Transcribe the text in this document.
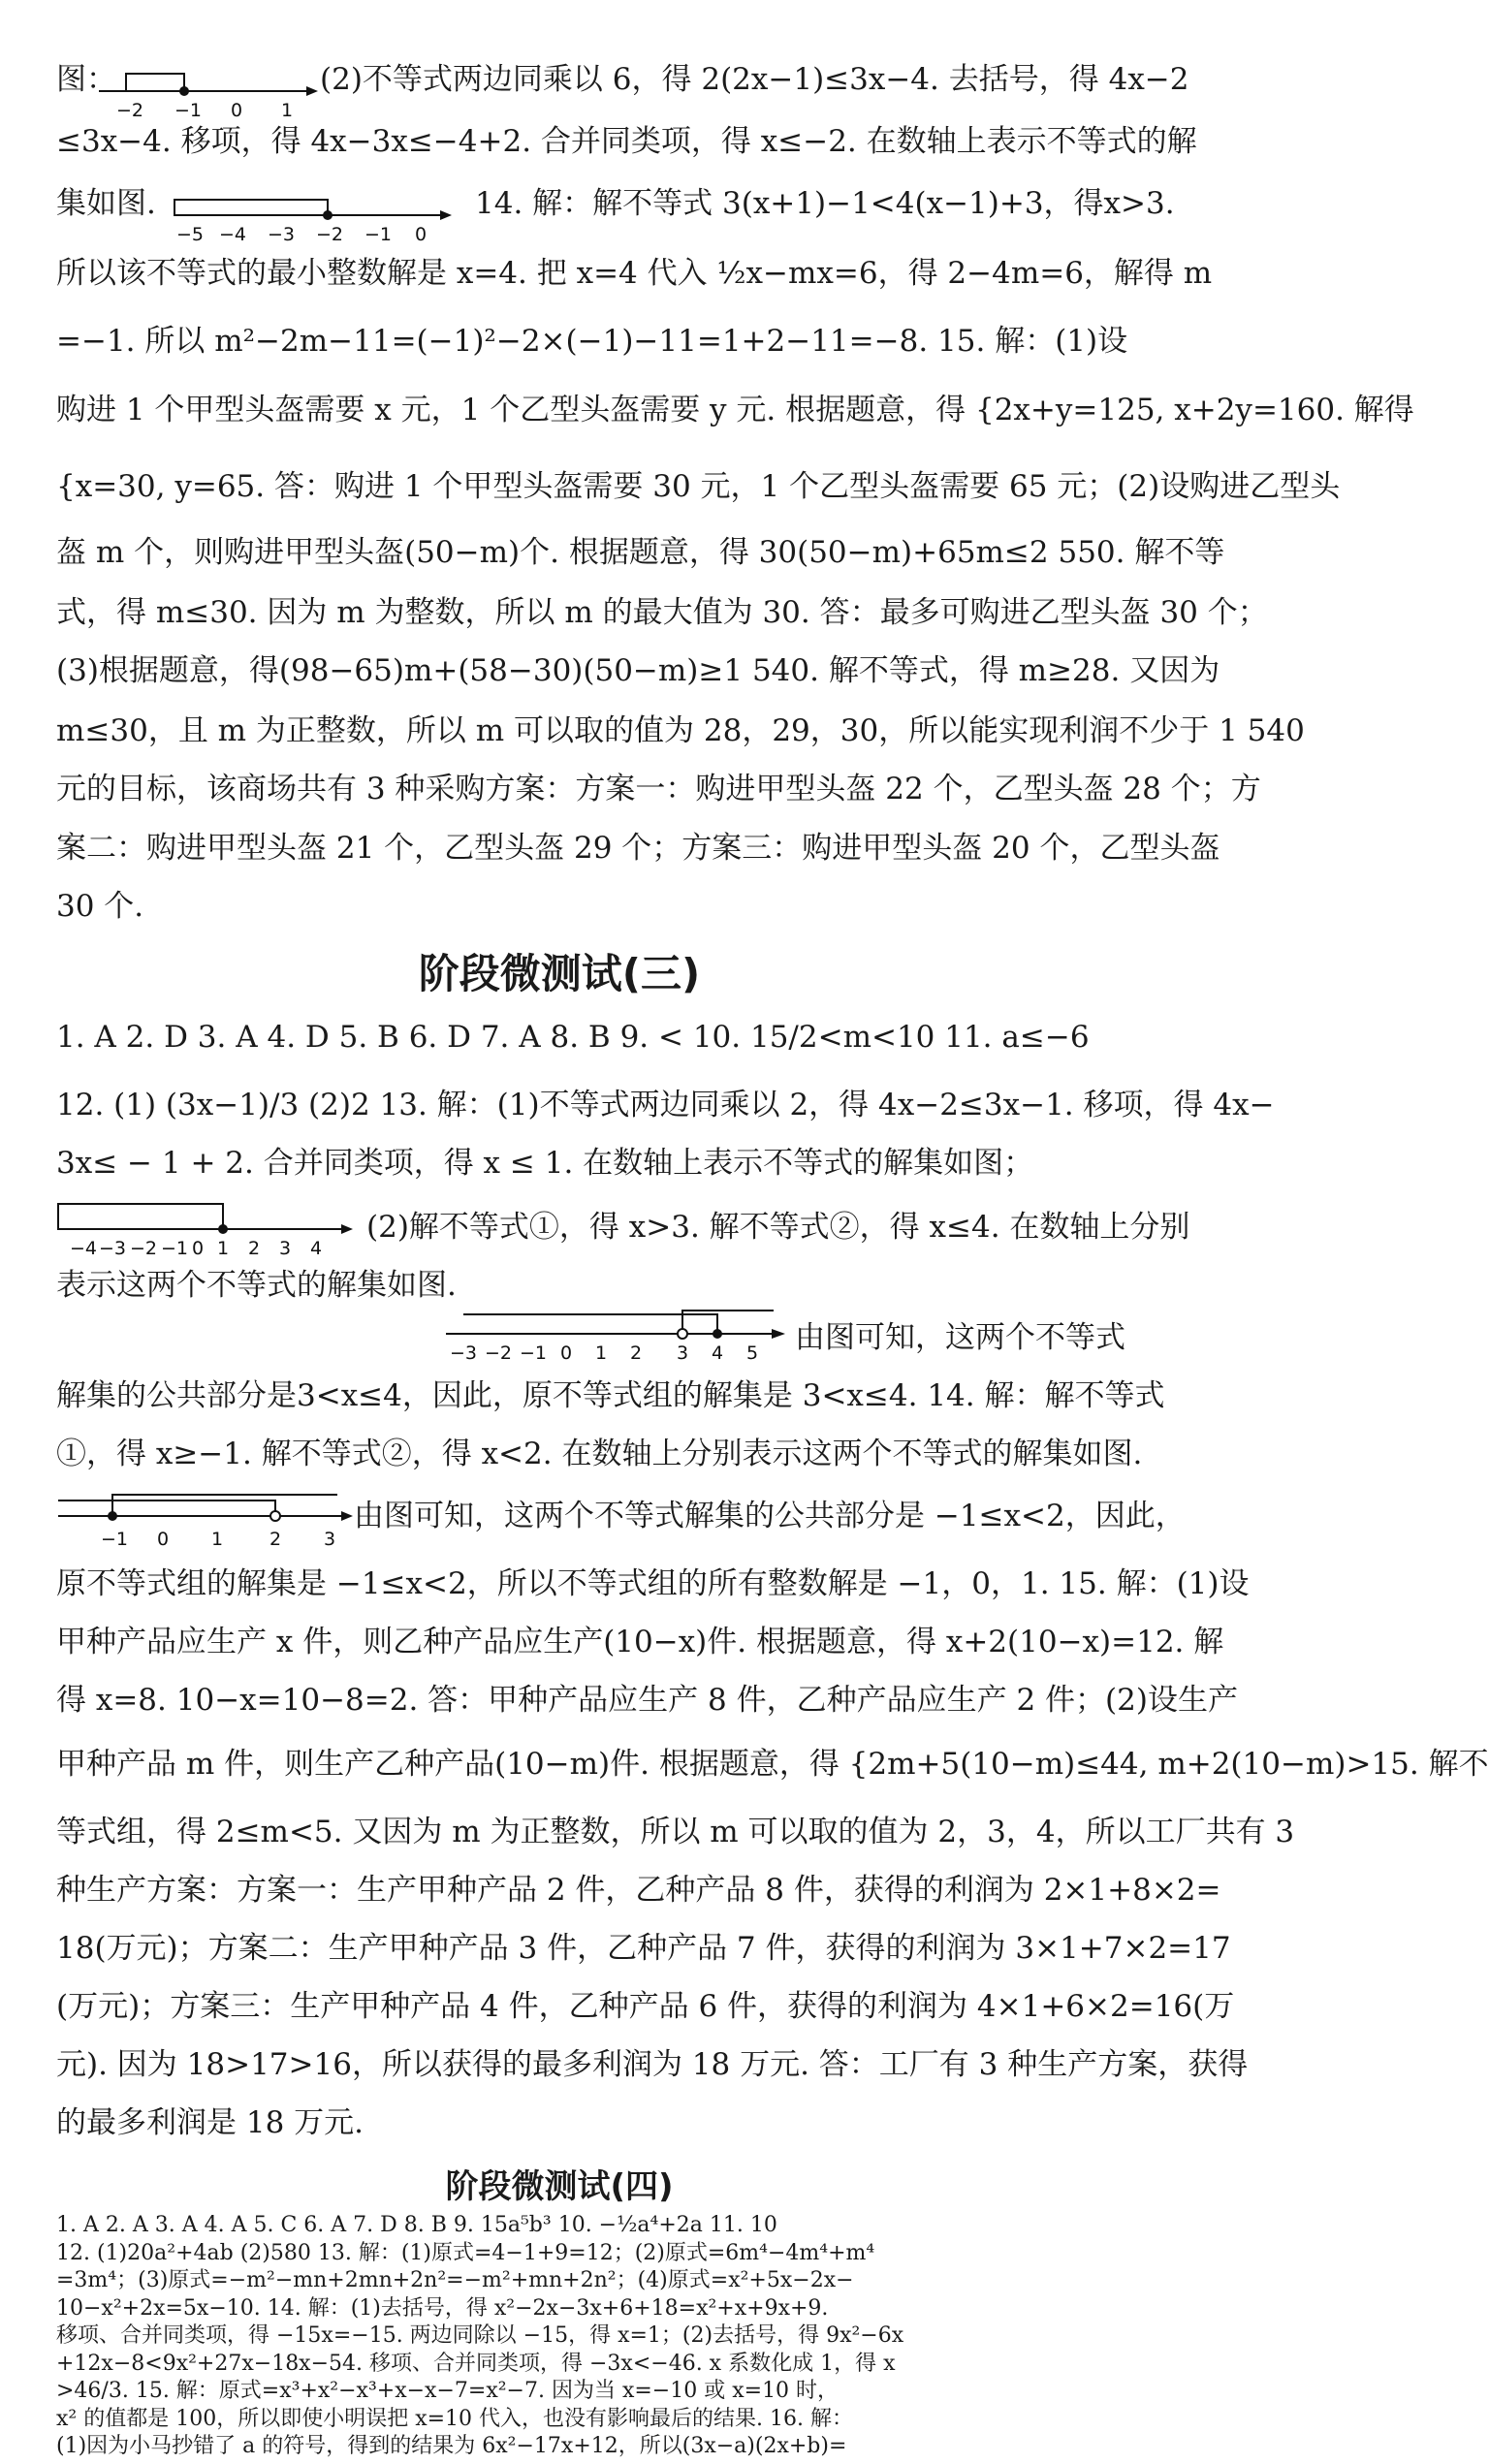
图：	(2)不等式两边同乘以 6，得 2(2x−1)≤3x−4. 去括号，得 4x−2
≤3x−4. 移项，得 4x−3x≤−4+2. 合并同类项，得 x≤−2. 在数轴上表示不等式的解
集如图.	14. 解：解不等式 3(x+1)−1<4(x−1)+3，得x>3.
所以该不等式的最小整数解是 x=4. 把 x=4 代入 ½x−mx=6，得 2−4m=6，解得 m
=−1. 所以 m²−2m−11=(−1)²−2×(−1)−11=1+2−11=−8. 15. 解：(1)设
购进 1 个甲型头盔需要 x 元，1 个乙型头盔需要 y 元. 根据题意，得 {2x+y=125, x+2y=160. 解得
{x=30, y=65. 答：购进 1 个甲型头盔需要 30 元，1 个乙型头盔需要 65 元；(2)设购进乙型头
盔 m 个，则购进甲型头盔(50−m)个. 根据题意，得 30(50−m)+65m≤2 550. 解不等
式，得 m≤30. 因为 m 为整数，所以 m 的最大值为 30. 答：最多可购进乙型头盔 30 个；
(3)根据题意，得(98−65)m+(58−30)(50−m)≥1 540. 解不等式，得 m≥28. 又因为
m≤30，且 m 为正整数，所以 m 可以取的值为 28，29，30，所以能实现利润不少于 1 540
元的目标，该商场共有 3 种采购方案：方案一：购进甲型头盔 22 个，乙型头盔 28 个；方
案二：购进甲型头盔 21 个，乙型头盔 29 个；方案三：购进甲型头盔 20 个，乙型头盔
30 个.
阶段微测试(三)
1. A 2. D 3. A 4. D 5. B 6. D 7. A 8. B 9. < 10. 15/2<m<10 11. a≤−6
12. (1) (3x−1)/3 (2)2 13. 解：(1)不等式两边同乘以 2，得 4x−2≤3x−1. 移项，得 4x−
3x≤ − 1 + 2. 合并同类项，得 x ≤ 1. 在数轴上表示不等式的解集如图；
(2)解不等式①，得 x>3. 解不等式②，得 x≤4. 在数轴上分别
表示这两个不等式的解集如图.
由图可知，这两个不等式
解集的公共部分是3<x≤4，因此，原不等式组的解集是 3<x≤4. 14. 解：解不等式
①，得 x≥−1. 解不等式②，得 x<2. 在数轴上分别表示这两个不等式的解集如图.
由图可知，这两个不等式解集的公共部分是 −1≤x<2，因此，
原不等式组的解集是 −1≤x<2，所以不等式组的所有整数解是 −1，0，1. 15. 解：(1)设
甲种产品应生产 x 件，则乙种产品应生产(10−x)件. 根据题意，得 x+2(10−x)=12. 解
得 x=8. 10−x=10−8=2. 答：甲种产品应生产 8 件，乙种产品应生产 2 件；(2)设生产
甲种产品 m 件，则生产乙种产品(10−m)件. 根据题意，得 {2m+5(10−m)≤44, m+2(10−m)>15. 解不
等式组，得 2≤m<5. 又因为 m 为正整数，所以 m 可以取的值为 2，3，4，所以工厂共有 3
种生产方案：方案一：生产甲种产品 2 件，乙种产品 8 件，获得的利润为 2×1+8×2=
18(万元)；方案二：生产甲种产品 3 件，乙种产品 7 件，获得的利润为 3×1+7×2=17
(万元)；方案三：生产甲种产品 4 件，乙种产品 6 件，获得的利润为 4×1+6×2=16(万
元). 因为 18>17>16，所以获得的最多利润为 18 万元. 答：工厂有 3 种生产方案，获得
的最多利润是 18 万元.
阶段微测试(四)
1. A 2. A 3. A 4. A 5. C 6. A 7. D 8. B 9. 15a⁵b³ 10. −½a⁴+2a 11. 10
12. (1)20a²+4ab (2)580 13. 解：(1)原式=4−1+9=12；(2)原式=6m⁴−4m⁴+m⁴
=3m⁴；(3)原式=−m²−mn+2mn+2n²=−m²+mn+2n²；(4)原式=x²+5x−2x−
10−x²+2x=5x−10. 14. 解：(1)去括号，得 x²−2x−3x+6+18=x²+x+9x+9.
移项、合并同类项，得 −15x=−15. 两边同除以 −15，得 x=1；(2)去括号，得 9x²−6x
+12x−8<9x²+27x−18x−54. 移项、合并同类项，得 −3x<−46. x 系数化成 1，得 x
>46/3. 15. 解：原式=x³+x²−x³+x−x−7=x²−7. 因为当 x=−10 或 x=10 时，
x² 的值都是 100，所以即使小明误把 x=10 代入，也没有影响最后的结果. 16. 解：
(1)因为小马抄错了 a 的符号，得到的结果为 6x²−17x+12，所以(3x−a)(2x+b)=
−2 −1 0 1
−5 −4 −3 −2 −1 0
−4 −3 −2 −1 0 1 2 3 4
−3 −2 −1 0 1 2 3 4 5
−1 0 1	2 3
